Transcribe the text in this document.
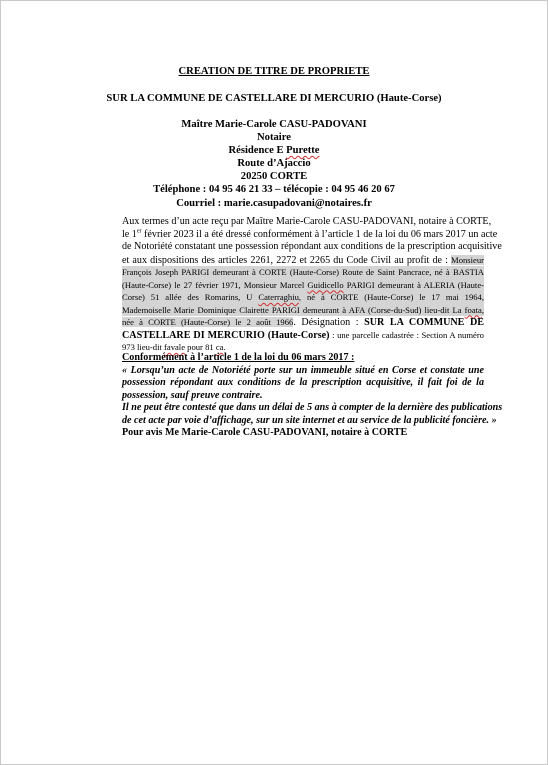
CREATION DE TITRE DE PROPRIETE
SUR LA COMMUNE DE CASTELLARE DI MERCURIO (Haute-Corse)
Maître Marie-Carole CASU-PADOVANI
Notaire
Résidence E Purette
Route d’Ajaccio
20250 CORTE
Téléphone : 04 95 46 21 33 – télécopie : 04 95 46 20 67
Courriel : marie.casupadovani@notaires.fr
Aux termes d’un acte reçu par Maître Marie-Carole CASU-PADOVANI, notaire à CORTE,
le 1er février 2023 il a été dressé conformément à l’article 1 de la loi du 06 mars 2017 un acte
de Notoriété constatant une possession répondant aux conditions de la prescription acquisitive
et aux dispositions des articles 2261, 2272 et 2265 du Code Civil au profit de : Monsieur
François Joseph PARIGI demeurant à CORTE (Haute-Corse) Route de Saint Pancrace, né à BASTIA
(Haute-Corse) le 27 février 1971, Monsieur Marcel Guidicello PARIGI demeurant à ALERIA (Haute-
Corse) 51 allée des Romarins, U Caterraghiu, né à CORTE (Haute-Corse) le 17 mai 1964,
Mademoiselle Marie Dominique Clairette PARIGI demeurant à AFA (Corse-du-Sud) lieu-dit La foata,
née à CORTE (Haute-Corse) le 2 août 1966. Désignation : SUR LA COMMUNE DE
CASTELLARE DI MERCURIO (Haute-Corse) : une parcelle cadastrée : Section A numéro
973 lieu-dit favale pour 81 ca.
Conformément à l’article 1 de la loi du 06 mars 2017 :
« Lorsqu’un acte de Notoriété porte sur un immeuble situé en Corse et constate une
possession répondant aux conditions de la prescription acquisitive, il fait foi de la
possession, sauf preuve contraire.
Il ne peut être contesté que dans un délai de 5 ans à compter de la dernière des publications
de cet acte par voie d’affichage, sur un site internet et au service de la publicité foncière. »
Pour avis Me Marie-Carole CASU-PADOVANI, notaire à CORTE
